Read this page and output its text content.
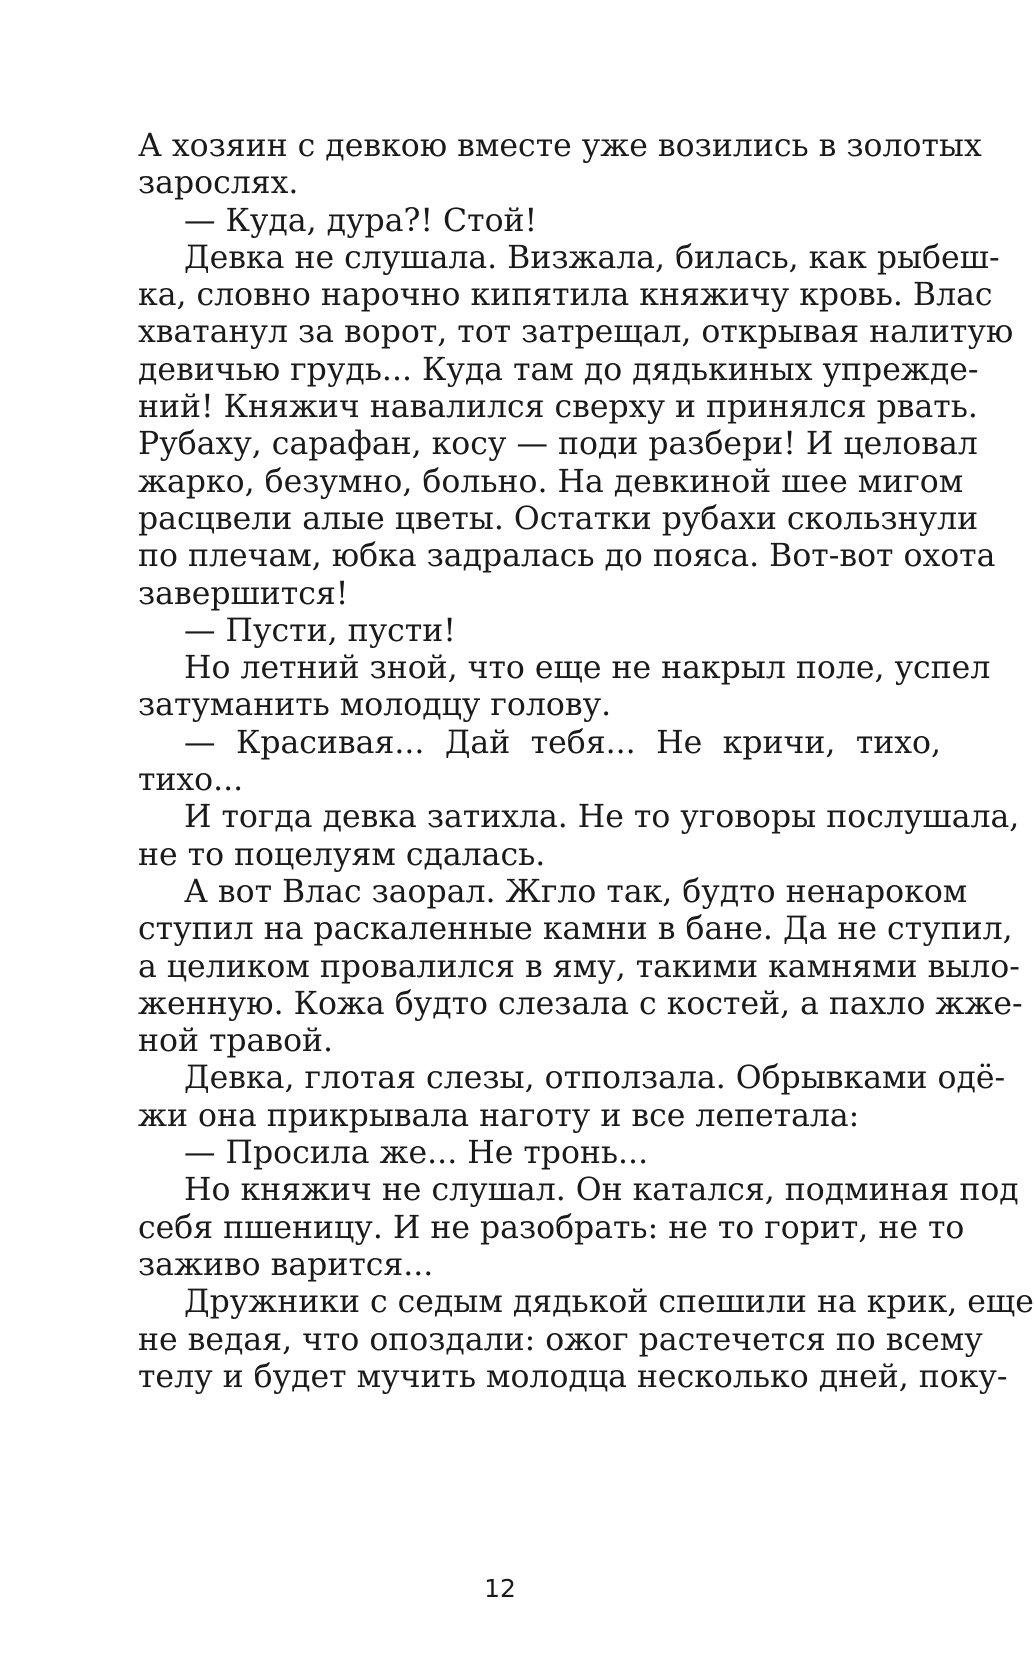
А хозяин с девкою вместе уже возились в золотых
зарослях.
— Куда, дура?! Стой!
Девка не слушала. Визжала, билась, как рыбеш-
ка, словно нарочно кипятила княжичу кровь. Влас
хватанул за ворот, тот затрещал, открывая налитую
девичью грудь... Куда там до дядькиных упрежде-
ний! Княжич навалился сверху и принялся рвать.
Рубаху, сарафан, косу — поди разбери! И целовал
жарко, безумно, больно. На девкиной шее мигом
расцвели алые цветы. Остатки рубахи скользнули
по плечам, юбка задралась до пояса. Вот-вот охота
завершится!
— Пусти, пусти!
Но летний зной, что еще не накрыл поле, успел
затуманить молодцу голову.
— Красивая... Дай тебя... Не кричи, тихо,
тихо...
И тогда девка затихла. Не то уговоры послушала,
не то поцелуям сдалась.
А вот Влас заорал. Жгло так, будто ненароком
ступил на раскаленные камни в бане. Да не ступил,
а целиком провалился в яму, такими камнями выло-
женную. Кожа будто слезала с костей, а пахло жже-
ной травой.
Девка, глотая слезы, отползала. Обрывками одё-
жи она прикрывала наготу и все лепетала:
— Просила же... Не тронь...
Но княжич не слушал. Он катался, подминая под
себя пшеницу. И не разобрать: не то горит, не то
заживо варится...
Дружники с седым дядькой спешили на крик, еще
не ведая, что опоздали: ожог растечется по всему
телу и будет мучить молодца несколько дней, поку-
12
